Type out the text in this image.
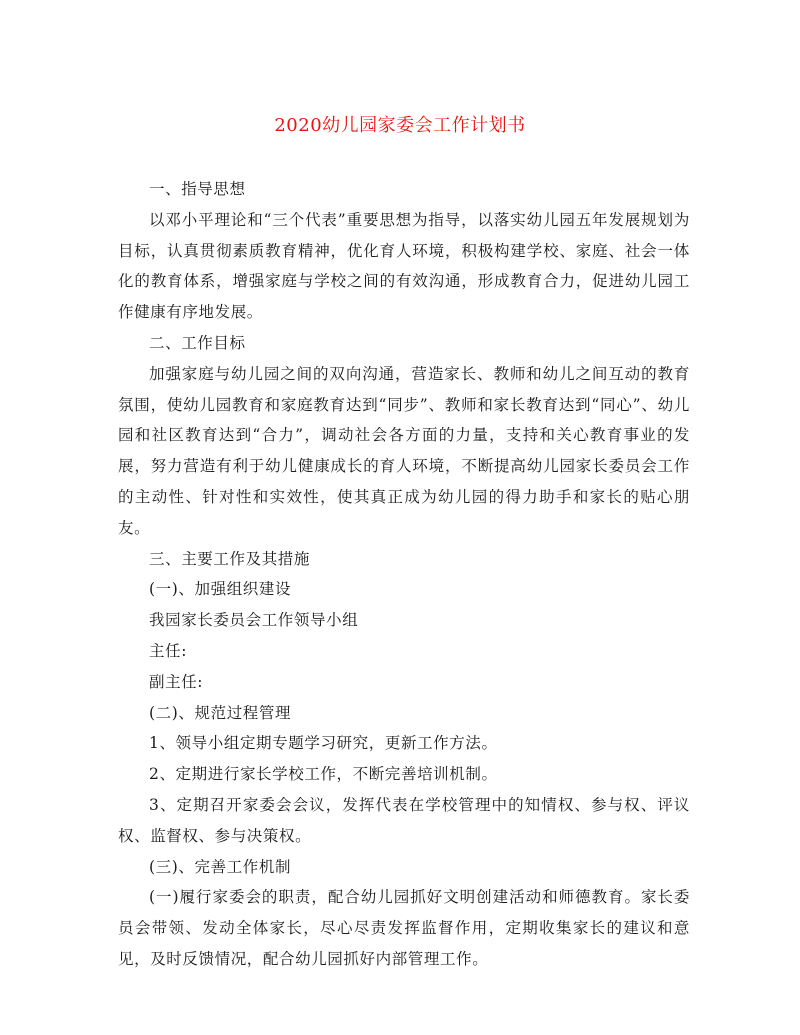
2020幼儿园家委会工作计划书

一、指导思想

以邓小平理论和“三个代表”重要思想为指导，以落实幼儿园五年发展规划为目标，认真贯彻素质教育精神，优化育人环境，积极构建学校、家庭、社会一体化的教育体系，增强家庭与学校之间的有效沟通，形成教育合力，促进幼儿园工作健康有序地发展。

二、工作目标

加强家庭与幼儿园之间的双向沟通，营造家长、教师和幼儿之间互动的教育氛围，使幼儿园教育和家庭教育达到“同步”、教师和家长教育达到“同心”、幼儿园和社区教育达到“合力”，调动社会各方面的力量，支持和关心教育事业的发展，努力营造有利于幼儿健康成长的育人环境，不断提高幼儿园家长委员会工作的主动性、针对性和实效性，使其真正成为幼儿园的得力助手和家长的贴心朋友。

三、主要工作及其措施

(一)、加强组织建设

我园家长委员会工作领导小组

主任:

副主任:

(二)、规范过程管理

1、领导小组定期专题学习研究，更新工作方法。

2、定期进行家长学校工作，不断完善培训机制。

3、定期召开家委会会议，发挥代表在学校管理中的知情权、参与权、评议权、监督权、参与决策权。

(三)、完善工作机制

(一)履行家委会的职责，配合幼儿园抓好文明创建活动和师德教育。家长委员会带领、发动全体家长，尽心尽责发挥监督作用，定期收集家长的建议和意见，及时反馈情况，配合幼儿园抓好内部管理工作。
